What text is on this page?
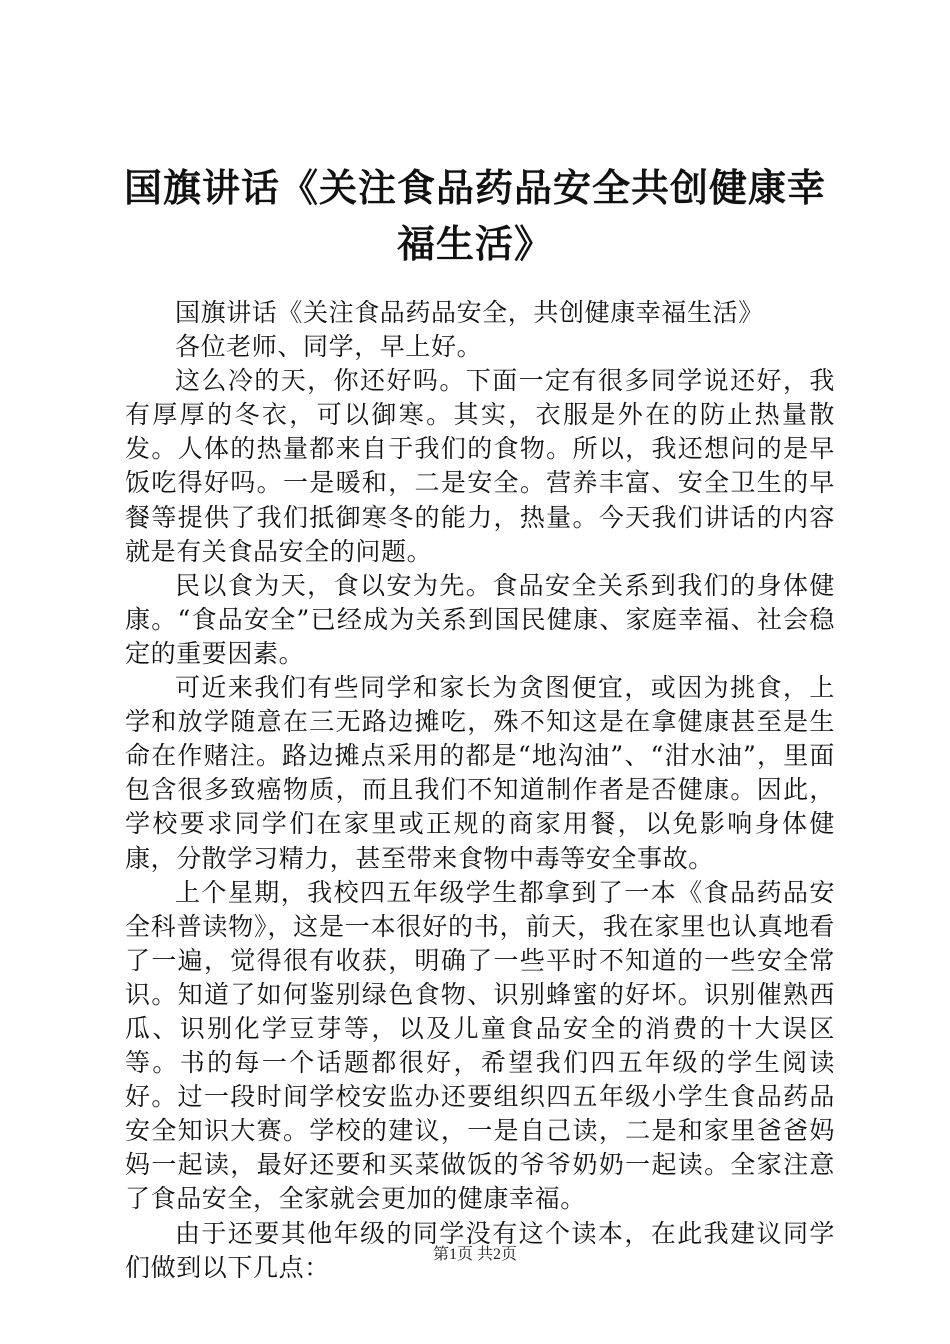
国旗讲话《关注食品药品安全共创健康幸福生活》

国旗讲话《关注食品药品安全，共创健康幸福生活》

各位老师、同学，早上好。

这么冷的天，你还好吗。下面一定有很多同学说还好，我有厚厚的冬衣，可以御寒。其实，衣服是外在的防止热量散发。人体的热量都来自于我们的食物。所以，我还想问的是早饭吃得好吗。一是暖和，二是安全。营养丰富、安全卫生的早餐等提供了我们抵御寒冬的能力，热量。今天我们讲话的内容就是有关食品安全的问题。

民以食为天，食以安为先。食品安全关系到我们的身体健康。“食品安全”已经成为关系到国民健康、家庭幸福、社会稳定的重要因素。

可近来我们有些同学和家长为贪图便宜，或因为挑食，上学和放学随意在三无路边摊吃，殊不知这是在拿健康甚至是生命在作赌注。路边摊点采用的都是“地沟油”、“泔水油”，里面包含很多致癌物质，而且我们不知道制作者是否健康。因此，学校要求同学们在家里或正规的商家用餐，以免影响身体健康，分散学习精力，甚至带来食物中毒等安全事故。

上个星期，我校四五年级学生都拿到了一本《食品药品安全科普读物》，这是一本很好的书，前天，我在家里也认真地看了一遍，觉得很有收获，明确了一些平时不知道的一些安全常识。知道了如何鉴别绿色食物、识别蜂蜜的好坏。识别催熟西瓜、识别化学豆芽等，以及儿童食品安全的消费的十大误区等。书的每一个话题都很好，希望我们四五年级的学生阅读好。过一段时间学校安监办还要组织四五年级小学生食品药品安全知识大赛。学校的建议，一是自己读，二是和家里爸爸妈妈一起读，最好还要和买菜做饭的爷爷奶奶一起读。全家注意了食品安全，全家就会更加的健康幸福。

由于还要其他年级的同学没有这个读本，在此我建议同学们做到以下几点：	第1页 共2页
